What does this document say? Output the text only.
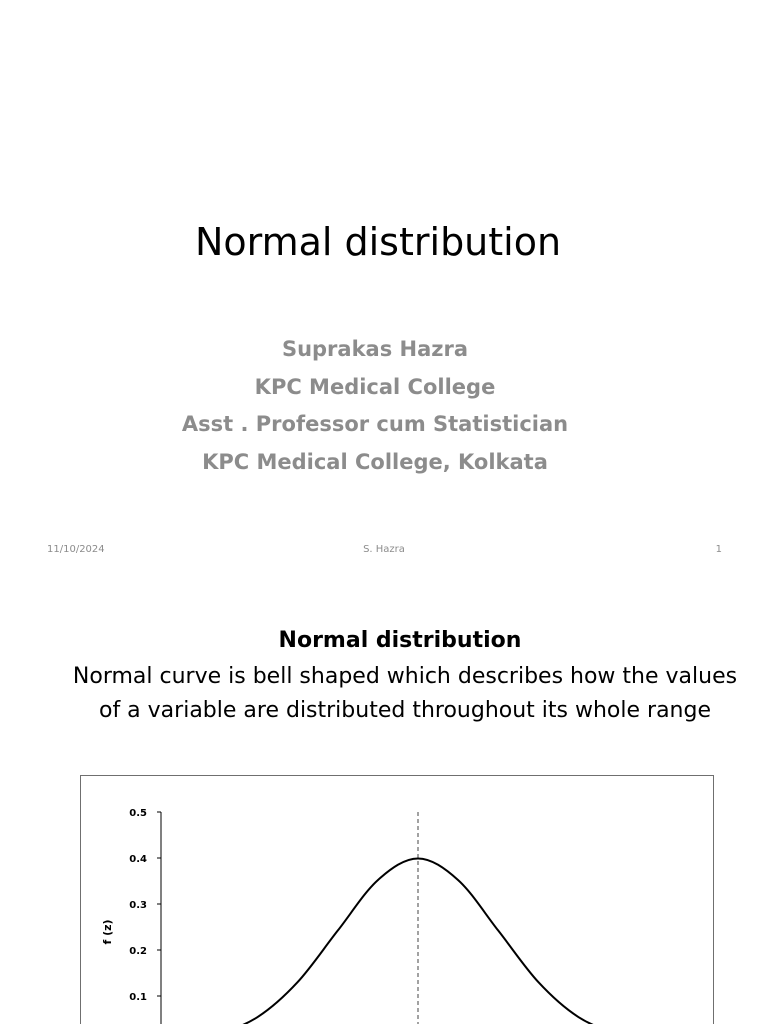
Normal distribution
Suprakas Hazra
KPC Medical College
Asst . Professor cum Statistician
KPC Medical College, Kolkata
11/10/2024	S. Hazra	1
Normal distribution
Normal curve is bell shaped which describes how the values of a variable are distributed throughout its whole range
0.1
0.2
0.3
0.4
0.5
f (z)
